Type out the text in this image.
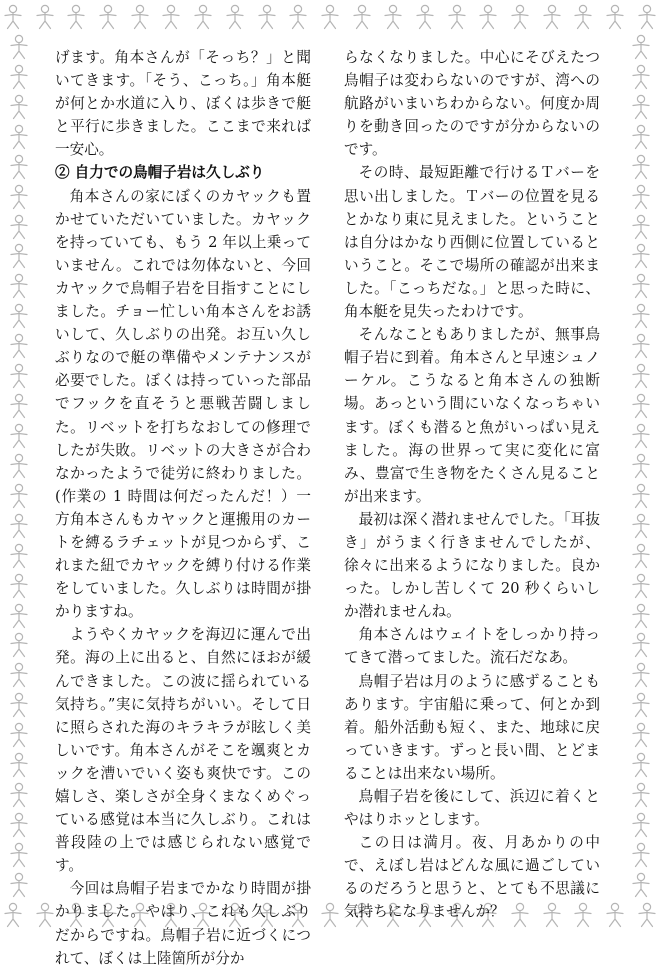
げます。角本さんが「そっち？」と聞いてきます。「そう、こっち。」角本艇が何とか水道に入り、ぼくは歩きで艇と平行に歩きました。ここまで来れば一安心。

② 自力での鳥帽子岩は久しぶり

角本さんの家にぼくのカヤックも置かせていただいていました。カヤックを持っていても、もう 2 年以上乗っていません。これでは勿体ないと、今回カヤックで鳥帽子岩を目指すことにしました。チョー忙しい角本さんをお誘いして、久しぶりの出発。お互い久しぶりなので艇の準備やメンテナンスが必要でした。ぼくは持っていった部品でフックを直そうと悪戦苦闘しました。リベットを打ちなおしての修理でしたが失敗。リベットの大きさが合わなかったようで徒労に終わりました。(作業の 1 時間は何だったんだ！）一方角本さんもカヤックと運搬用のカートを縛るラチェットが見つからず、これまた紐でカヤックを縛り付ける作業をしていました。久しぶりは時間が掛かりますね。

ようやくカヤックを海辺に運んで出発。海の上に出ると、自然にほおが緩んできました。この波に揺られている気持ち。”実に気持ちがいい。そして日に照らされた海のキラキラが眩しく美しいです。角本さんがそこを颯爽とカックを漕いでいく姿も爽快です。この嬉しさ、楽しさが全身くまなくめぐっている感覚は本当に久しぶり。これは普段陸の上では感じられない感覚です。

今回は鳥帽子岩までかなり時間が掛かりました。やはり、これも久しぶりだからですね。鳥帽子岩に近づくにつれて、ぼくは上陸箇所が分か

らなくなりました。中心にそびえたつ鳥帽子は変わらないのですが、湾への航路がいまいちわからない。何度か周りを動き回ったのですが分からないのです。

その時、最短距離で行けるＴバーを思い出しました。Ｔバーの位置を見るとかなり東に見えました。ということは自分はかなり西側に位置しているということ。そこで場所の確認が出来ました。「こっちだな。」と思った時に、角本艇を見失ったわけです。

そんなこともありましたが、無事鳥帽子岩に到着。角本さんと早速シュノーケル。こうなると角本さんの独断場。あっという間にいなくなっちゃいます。ぼくも潜ると魚がいっぱい見えました。海の世界って実に変化に富み、豊富で生き物をたくさん見ることが出来ます。

最初は深く潜れませんでした。「耳抜き」がうまく行きませんでしたが、徐々に出来るようになりました。良かった。しかし苦しくて 20 秒くらいしか潜れませんね。

角本さんはウェイトをしっかり持ってきて潜ってました。流石だなあ。

鳥帽子岩は月のように感ずることもあります。宇宙船に乗って、何とか到着。船外活動も短く、また、地球に戻っていきます。ずっと長い間、とどまることは出来ない場所。

鳥帽子岩を後にして、浜辺に着くとやはりホッとします。

この日は満月。夜、月あかりの中で、えぼし岩はどんな風に過ごしているのだろうと思うと、とても不思議に気持ちになりませんか？
